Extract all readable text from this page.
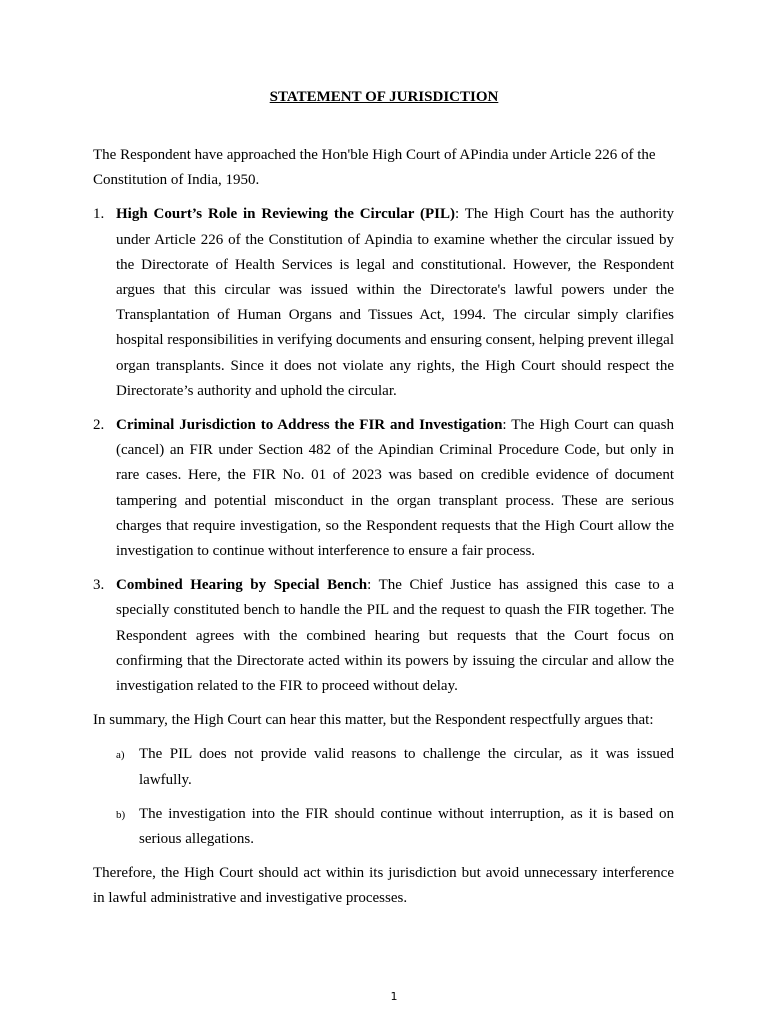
STATEMENT OF JURISDICTION

The Respondent have approached the Hon'ble High Court of APindia under Article 226 of the Constitution of India, 1950.

1. High Court’s Role in Reviewing the Circular (PIL): The High Court has the authority under Article 226 of the Constitution of Apindia to examine whether the circular issued by the Directorate of Health Services is legal and constitutional. However, the Respondent argues that this circular was issued within the Directorate's lawful powers under the Transplantation of Human Organs and Tissues Act, 1994. The circular simply clarifies hospital responsibilities in verifying documents and ensuring consent, helping prevent illegal organ transplants. Since it does not violate any rights, the High Court should respect the Directorate’s authority and uphold the circular.
2. Criminal Jurisdiction to Address the FIR and Investigation: The High Court can quash (cancel) an FIR under Section 482 of the Apindian Criminal Procedure Code, but only in rare cases. Here, the FIR No. 01 of 2023 was based on credible evidence of document tampering and potential misconduct in the organ transplant process. These are serious charges that require investigation, so the Respondent requests that the High Court allow the investigation to continue without interference to ensure a fair process.
3. Combined Hearing by Special Bench: The Chief Justice has assigned this case to a specially constituted bench to handle the PIL and the request to quash the FIR together. The Respondent agrees with the combined hearing but requests that the Court focus on confirming that the Directorate acted within its powers by issuing the circular and allow the investigation related to the FIR to proceed without delay.

In summary, the High Court can hear this matter, but the Respondent respectfully argues that:

a) The PIL does not provide valid reasons to challenge the circular, as it was issued lawfully.
b) The investigation into the FIR should continue without interruption, as it is based on serious allegations.

Therefore, the High Court should act within its jurisdiction but avoid unnecessary interference in lawful administrative and investigative processes.

1
